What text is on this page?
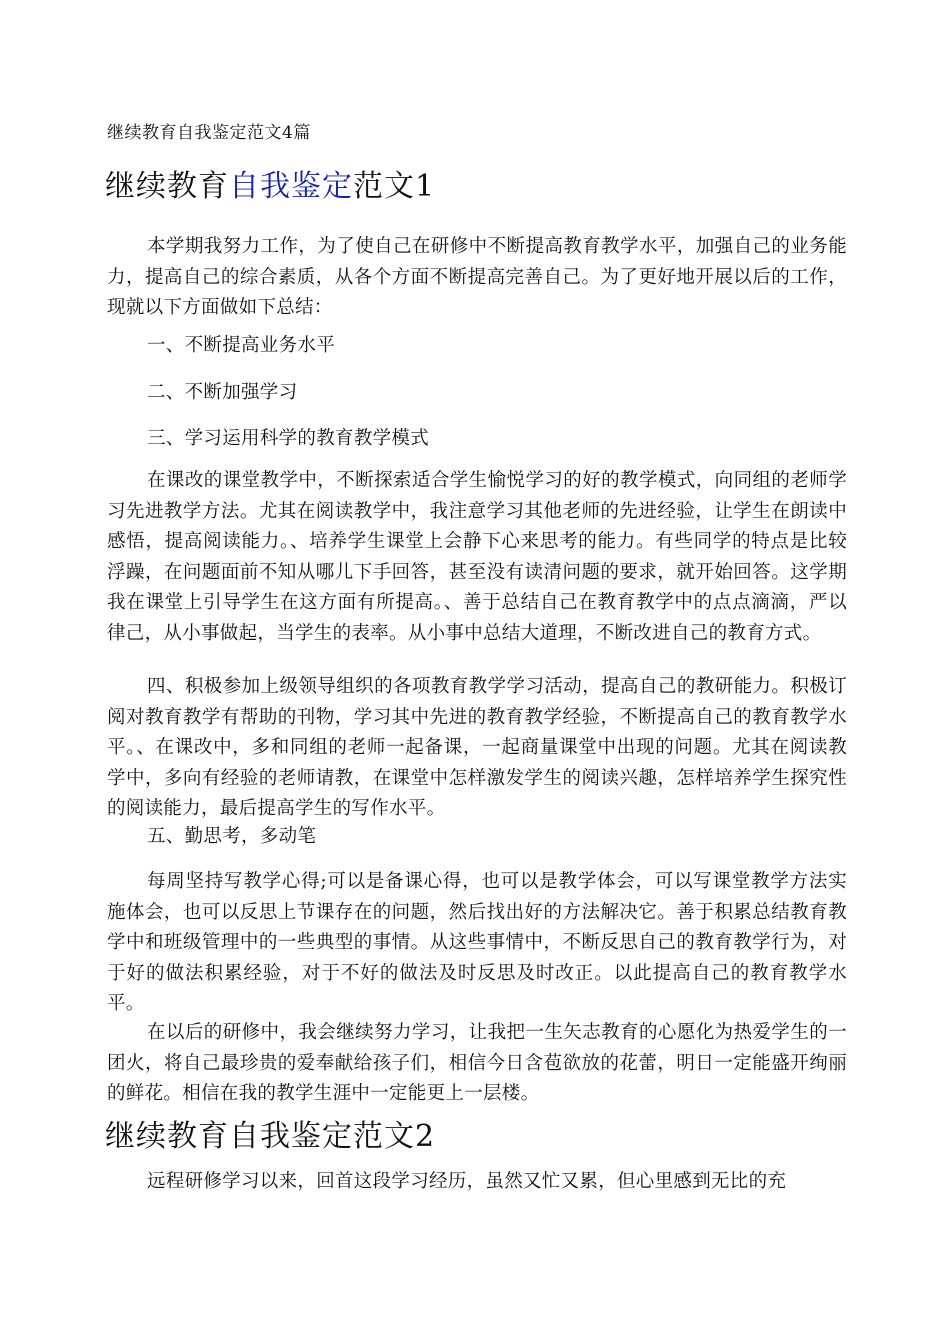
继续教育自我鉴定范文4篇
继续教育自我鉴定范文1
本学期我努力工作，为了使自己在研修中不断提高教育教学水平，加强自己的业务能力，提高自己的综合素质，从各个方面不断提高完善自己。为了更好地开展以后的工作，现就以下方面做如下总结：
一、不断提高业务水平
二、不断加强学习
三、学习运用科学的教育教学模式
在课改的课堂教学中，不断探索适合学生愉悦学习的好的教学模式，向同组的老师学习先进教学方法。尤其在阅读教学中，我注意学习其他老师的先进经验，让学生在朗读中感悟，提高阅读能力。、培养学生课堂上会静下心来思考的能力。有些同学的特点是比较浮躁，在问题面前不知从哪儿下手回答，甚至没有读清问题的要求，就开始回答。这学期我在课堂上引导学生在这方面有所提高。、善于总结自己在教育教学中的点点滴滴，严以律己，从小事做起，当学生的表率。从小事中总结大道理，不断改进自己的教育方式。
四、积极参加上级领导组织的各项教育教学学习活动，提高自己的教研能力。积极订阅对教育教学有帮助的刊物，学习其中先进的教育教学经验，不断提高自己的教育教学水平。、在课改中，多和同组的老师一起备课，一起商量课堂中出现的问题。尤其在阅读教学中，多向有经验的老师请教，在课堂中怎样激发学生的阅读兴趣，怎样培养学生探究性的阅读能力，最后提高学生的写作水平。
五、勤思考，多动笔
每周坚持写教学心得;可以是备课心得，也可以是教学体会，可以写课堂教学方法实施体会，也可以反思上节课存在的问题，然后找出好的方法解决它。善于积累总结教育教学中和班级管理中的一些典型的事情。从这些事情中，不断反思自己的教育教学行为，对于好的做法积累经验，对于不好的做法及时反思及时改正。以此提高自己的教育教学水平。
在以后的研修中，我会继续努力学习，让我把一生矢志教育的心愿化为热爱学生的一团火，将自己最珍贵的爱奉献给孩子们，相信今日含苞欲放的花蕾，明日一定能盛开绚丽的鲜花。相信在我的教学生涯中一定能更上一层楼。
继续教育自我鉴定范文2
远程研修学习以来，回首这段学习经历，虽然又忙又累，但心里感到无比的充
